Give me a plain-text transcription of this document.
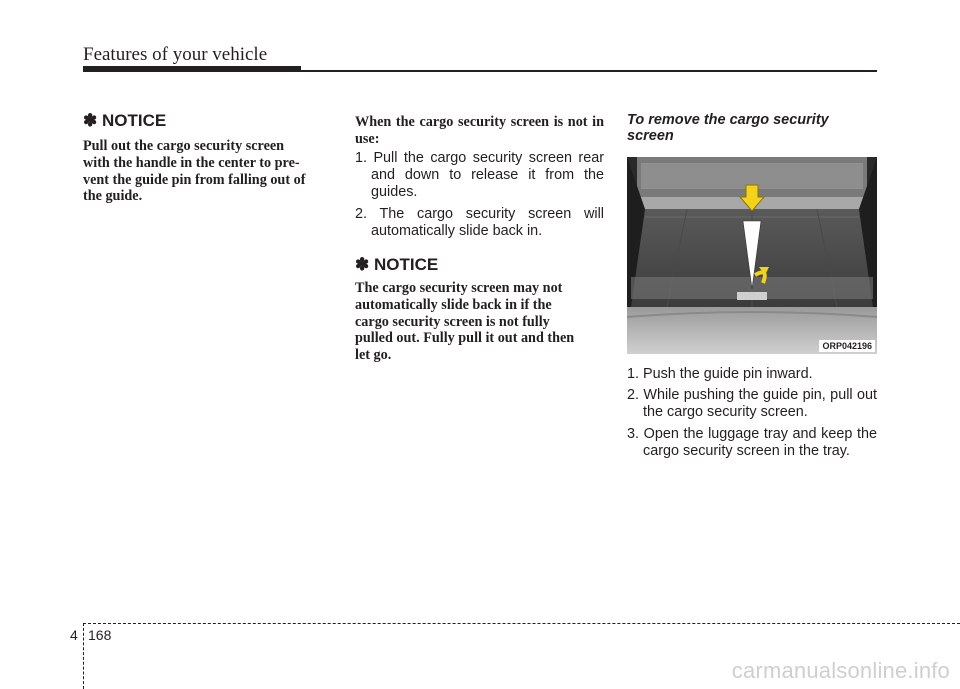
Features of your vehicle
✽ NOTICE
Pull out the cargo security screen
with the handle in the center to pre-
vent the guide pin from falling out of
the guide.
When the cargo security screen is not in use:
1. Pull the cargo security screen rear and down to release it from the guides.
2. The cargo security screen will automatically slide back in.
✽ NOTICE
The cargo security screen may not
automatically slide back in if the
cargo security screen is not fully
pulled out. Fully pull it out and then
let go.
To remove the cargo security screen
ORP042196
1. Push the guide pin inward.
2. While pushing the guide pin, pull out the cargo security screen.
3. Open the luggage tray and keep the cargo security screen in the tray.
4 168
carmanualsonline.info
